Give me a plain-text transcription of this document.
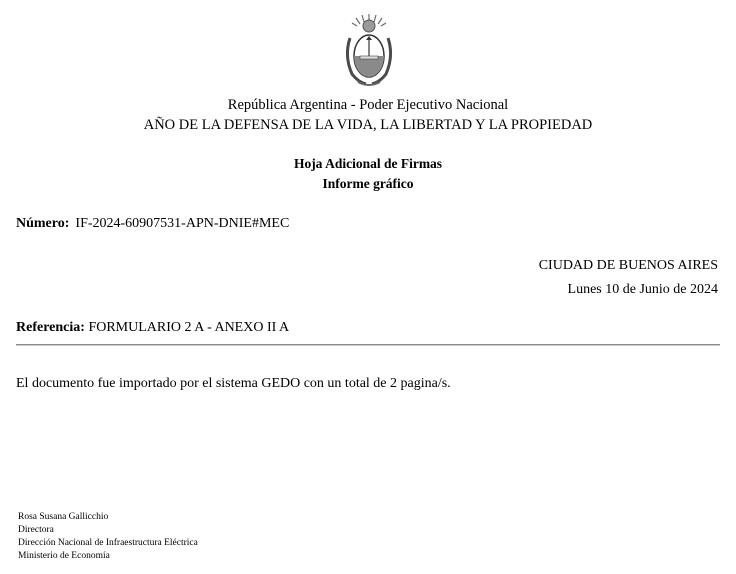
República Argentina - Poder Ejecutivo Nacional
AÑO DE LA DEFENSA DE LA VIDA, LA LIBERTAD Y LA PROPIEDAD
Hoja Adicional de Firmas
Informe gráfico
Número: IF-2024-60907531-APN-DNIE#MEC
CIUDAD DE BUENOS AIRES
Lunes 10 de Junio de 2024
Referencia: FORMULARIO 2 A - ANEXO II A
El documento fue importado por el sistema GEDO con un total de 2 pagina/s.
Rosa Susana Gallicchio
Directora
Dirección Nacional de Infraestructura Eléctrica
Ministerio de Economía
